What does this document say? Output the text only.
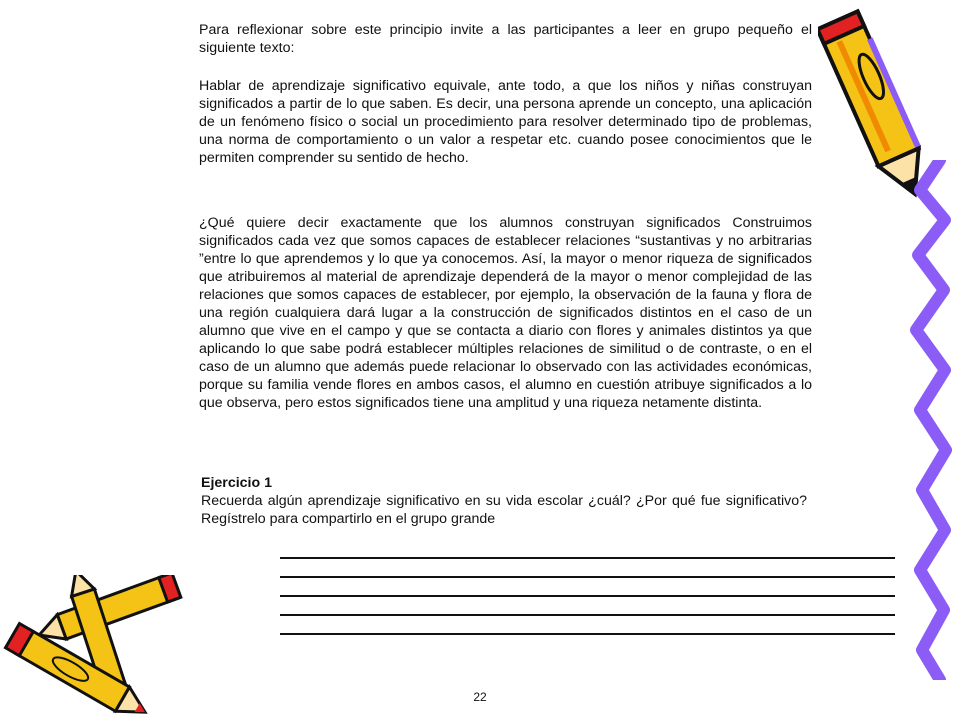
Para reflexionar sobre este principio invite a las participantes a leer en grupo pequeño el siguiente texto:

Hablar de aprendizaje significativo equivale, ante todo, a que los niños y niñas construyan significados a partir de lo que saben. Es decir, una persona aprende un concepto, una aplicación de un fenómeno físico o social un procedimiento para resolver determinado tipo de problemas, una norma de comportamiento o un valor a respetar etc. cuando posee conocimientos que le permiten comprender su sentido de hecho.

¿Qué quiere decir exactamente que los alumnos construyan significados Construimos significados cada vez que somos capaces de establecer relaciones “sustantivas y no arbitrarias ”entre lo que aprendemos y lo que ya conocemos. Así, la mayor o menor riqueza de significados que atribuiremos al material de aprendizaje dependerá de la mayor o menor complejidad de las relaciones que somos capaces de establecer, por ejemplo, la observación de la fauna y flora de una región cualquiera dará lugar a la construcción de significados distintos en el caso de un alumno que vive en el campo y que se contacta a diario con flores y animales distintos ya que aplicando lo que sabe podrá establecer múltiples relaciones de similitud o de contraste, o en el caso de un alumno que además puede relacionar lo observado con las actividades económicas, porque su familia vende flores en ambos casos, el alumno en cuestión atribuye significados a lo que observa, pero estos significados tiene una amplitud y una riqueza netamente distinta.

Ejercicio 1
Recuerda algún aprendizaje significativo en su vida escolar ¿cuál? ¿Por qué fue significativo? Regístrelo para compartirlo en el grupo grande
22
